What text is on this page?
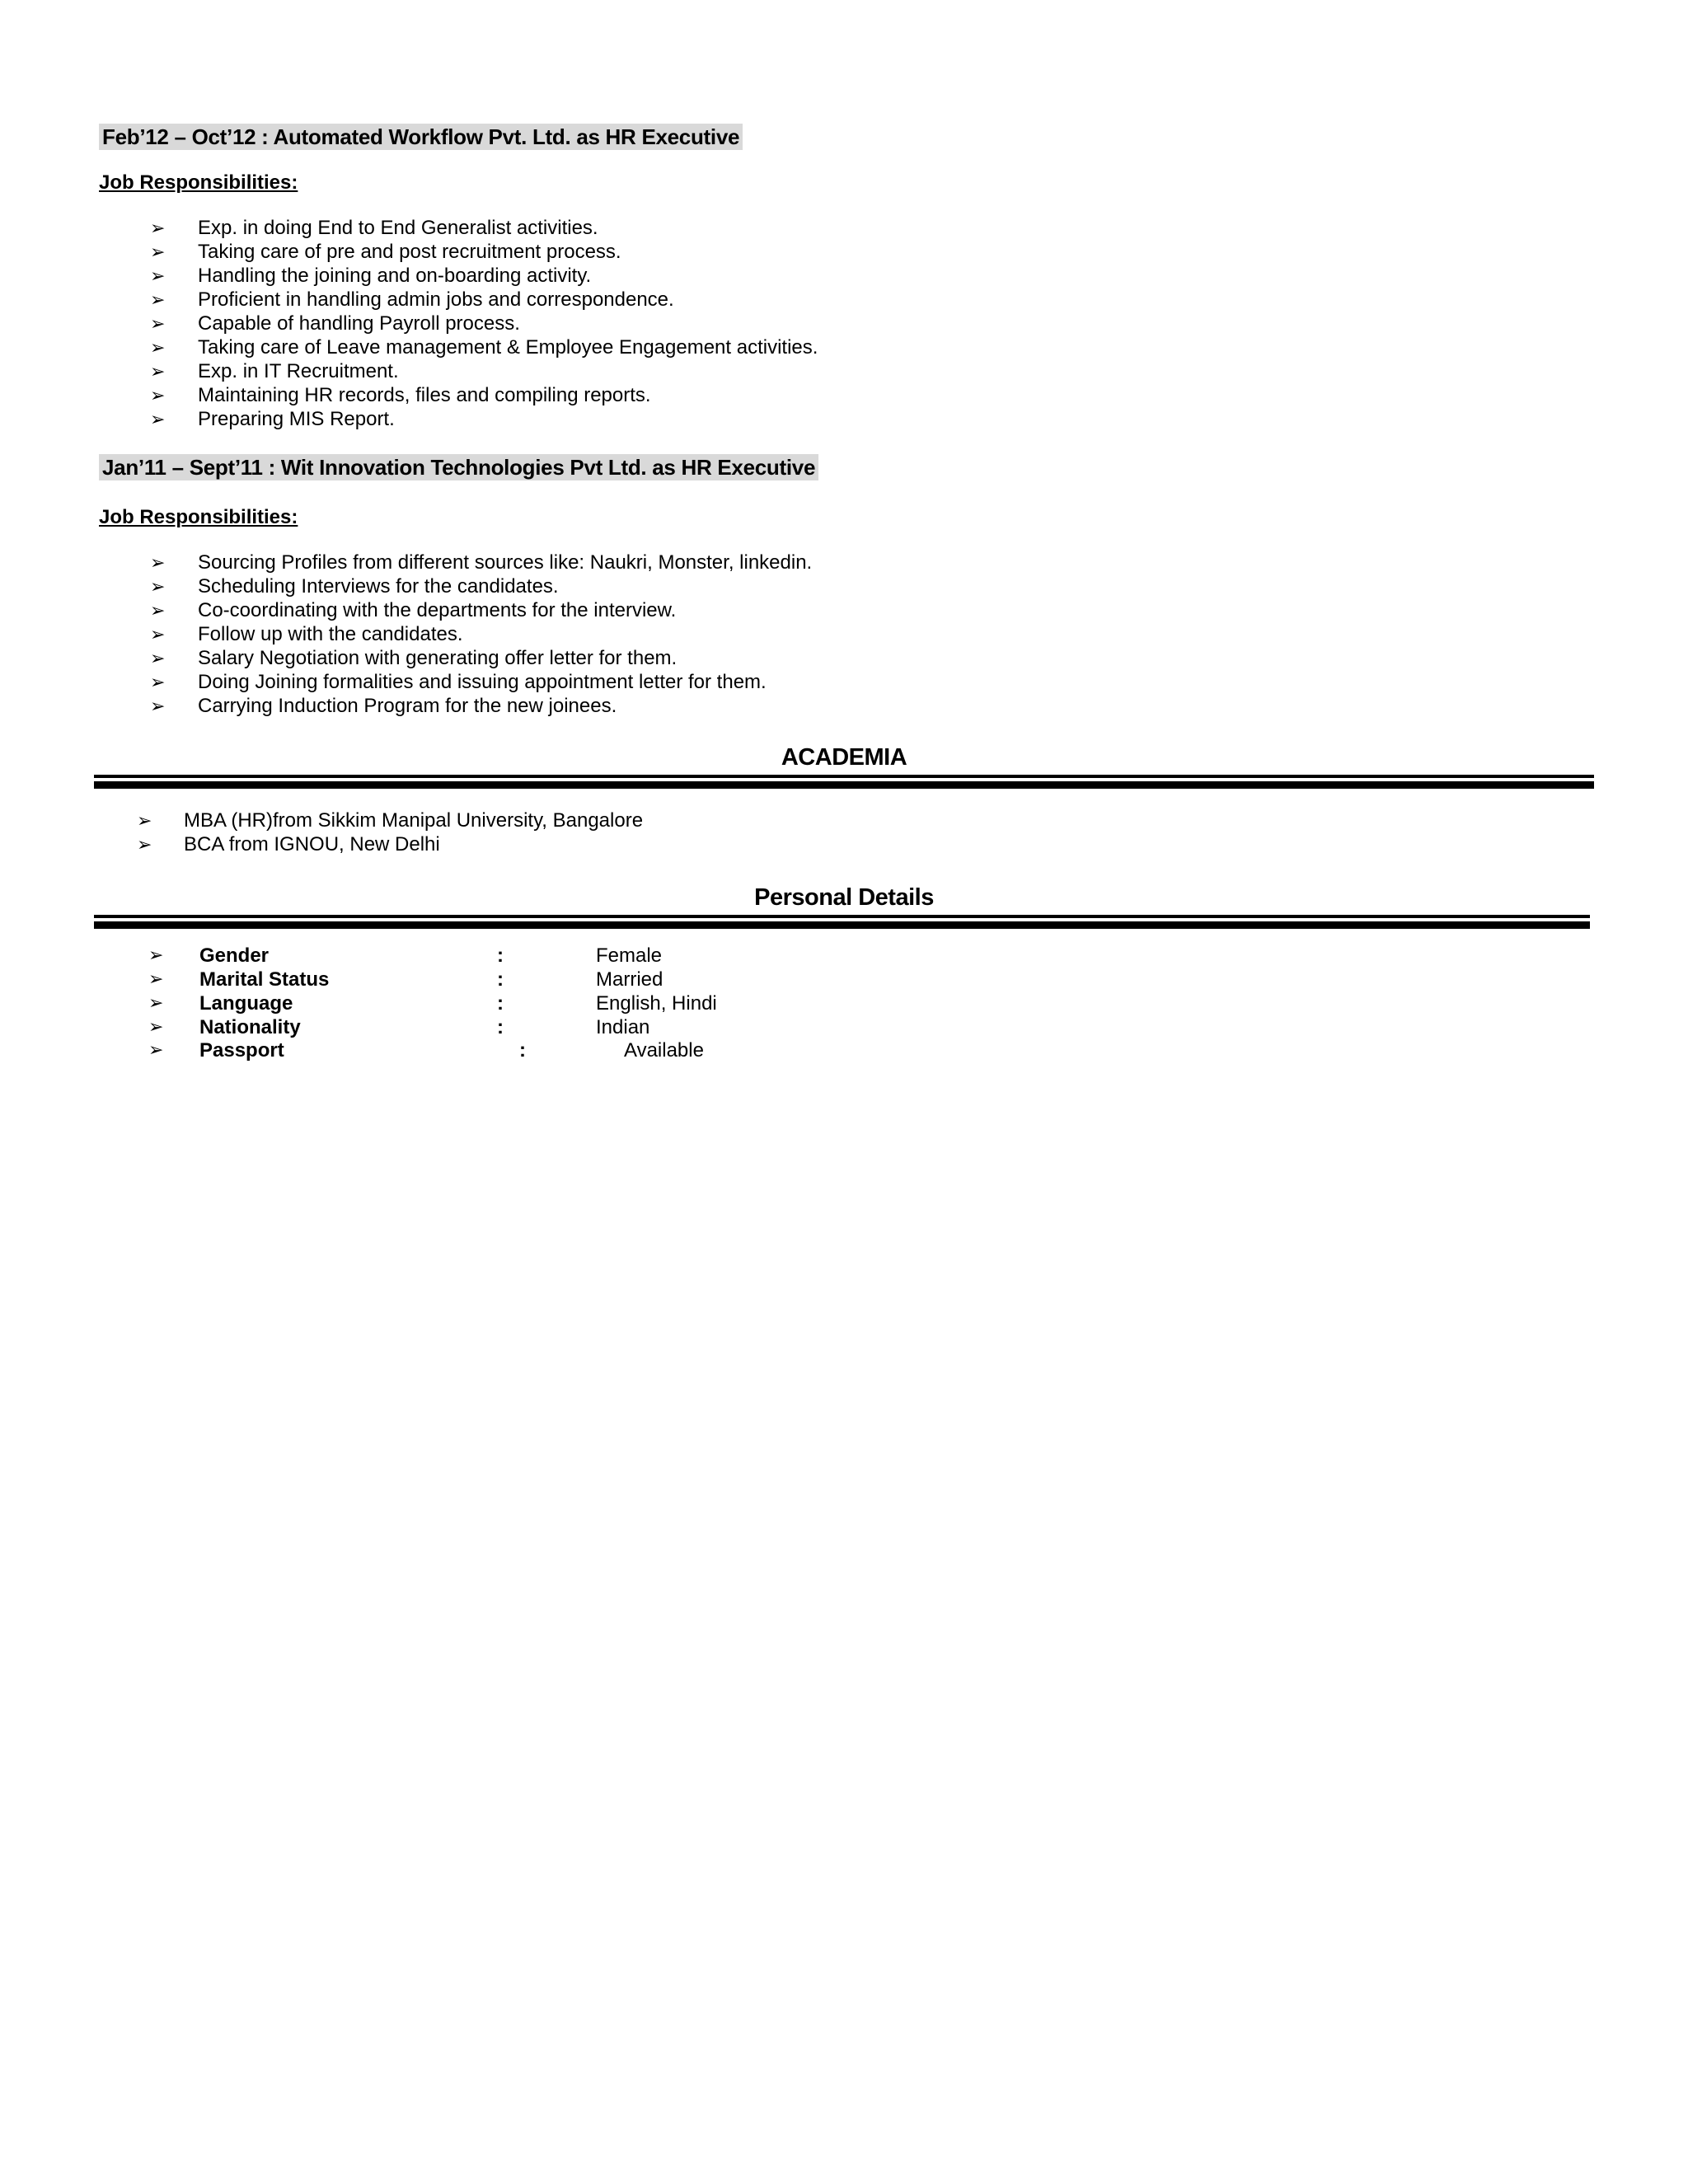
Feb’12 – Oct’12 : Automated Workflow Pvt. Ltd. as HR Executive
Job Responsibilities:
➢ Exp. in doing End to End Generalist activities.
➢ Taking care of pre and post recruitment process.
➢ Handling the joining and on-boarding activity.
➢ Proficient in handling admin jobs and correspondence.
➢ Capable of handling Payroll process.
➢ Taking care of Leave management & Employee Engagement activities.
➢ Exp. in IT Recruitment.
➢ Maintaining HR records, files and compiling reports.
➢ Preparing MIS Report.
Jan’11 – Sept’11 : Wit Innovation Technologies Pvt Ltd. as HR Executive
Job Responsibilities:
➢ Sourcing Profiles from different sources like: Naukri, Monster, linkedin.
➢ Scheduling Interviews for the candidates.
➢ Co-coordinating with the departments for the interview.
➢ Follow up with the candidates.
➢ Salary Negotiation with generating offer letter for them.
➢ Doing Joining formalities and issuing appointment letter for them.
➢ Carrying Induction Program for the new joinees.
ACADEMIA
➢ MBA (HR)from Sikkim Manipal University, Bangalore
➢ BCA from IGNOU, New Delhi
Personal Details
➢ Gender	:	Female
➢ Marital Status	:	Married
➢ Language	:	English, Hindi
➢ Nationality	:	Indian
➢ Passport	:	Available
